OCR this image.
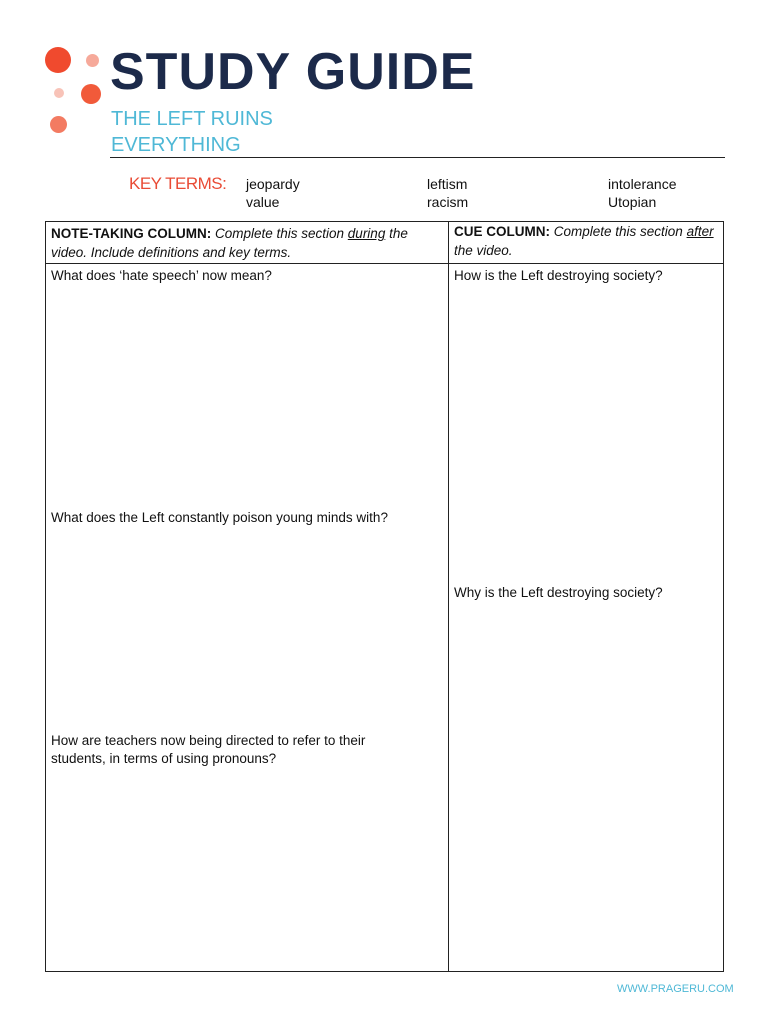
STUDY GUIDE
THE LEFT RUINS EVERYTHING
KEY TERMS: jeopardy
value
leftism
racism
intolerance
Utopian
NOTE-TAKING COLUMN: Complete this section during the video. Include definitions and key terms.
CUE COLUMN: Complete this section after the video.
What does ‘hate speech’ now mean?
What does the Left constantly poison young minds with?
How are teachers now being directed to refer to their students, in terms of using pronouns?
How is the Left destroying society?
Why is the Left destroying society?
WWW.PRAGERU.COM
